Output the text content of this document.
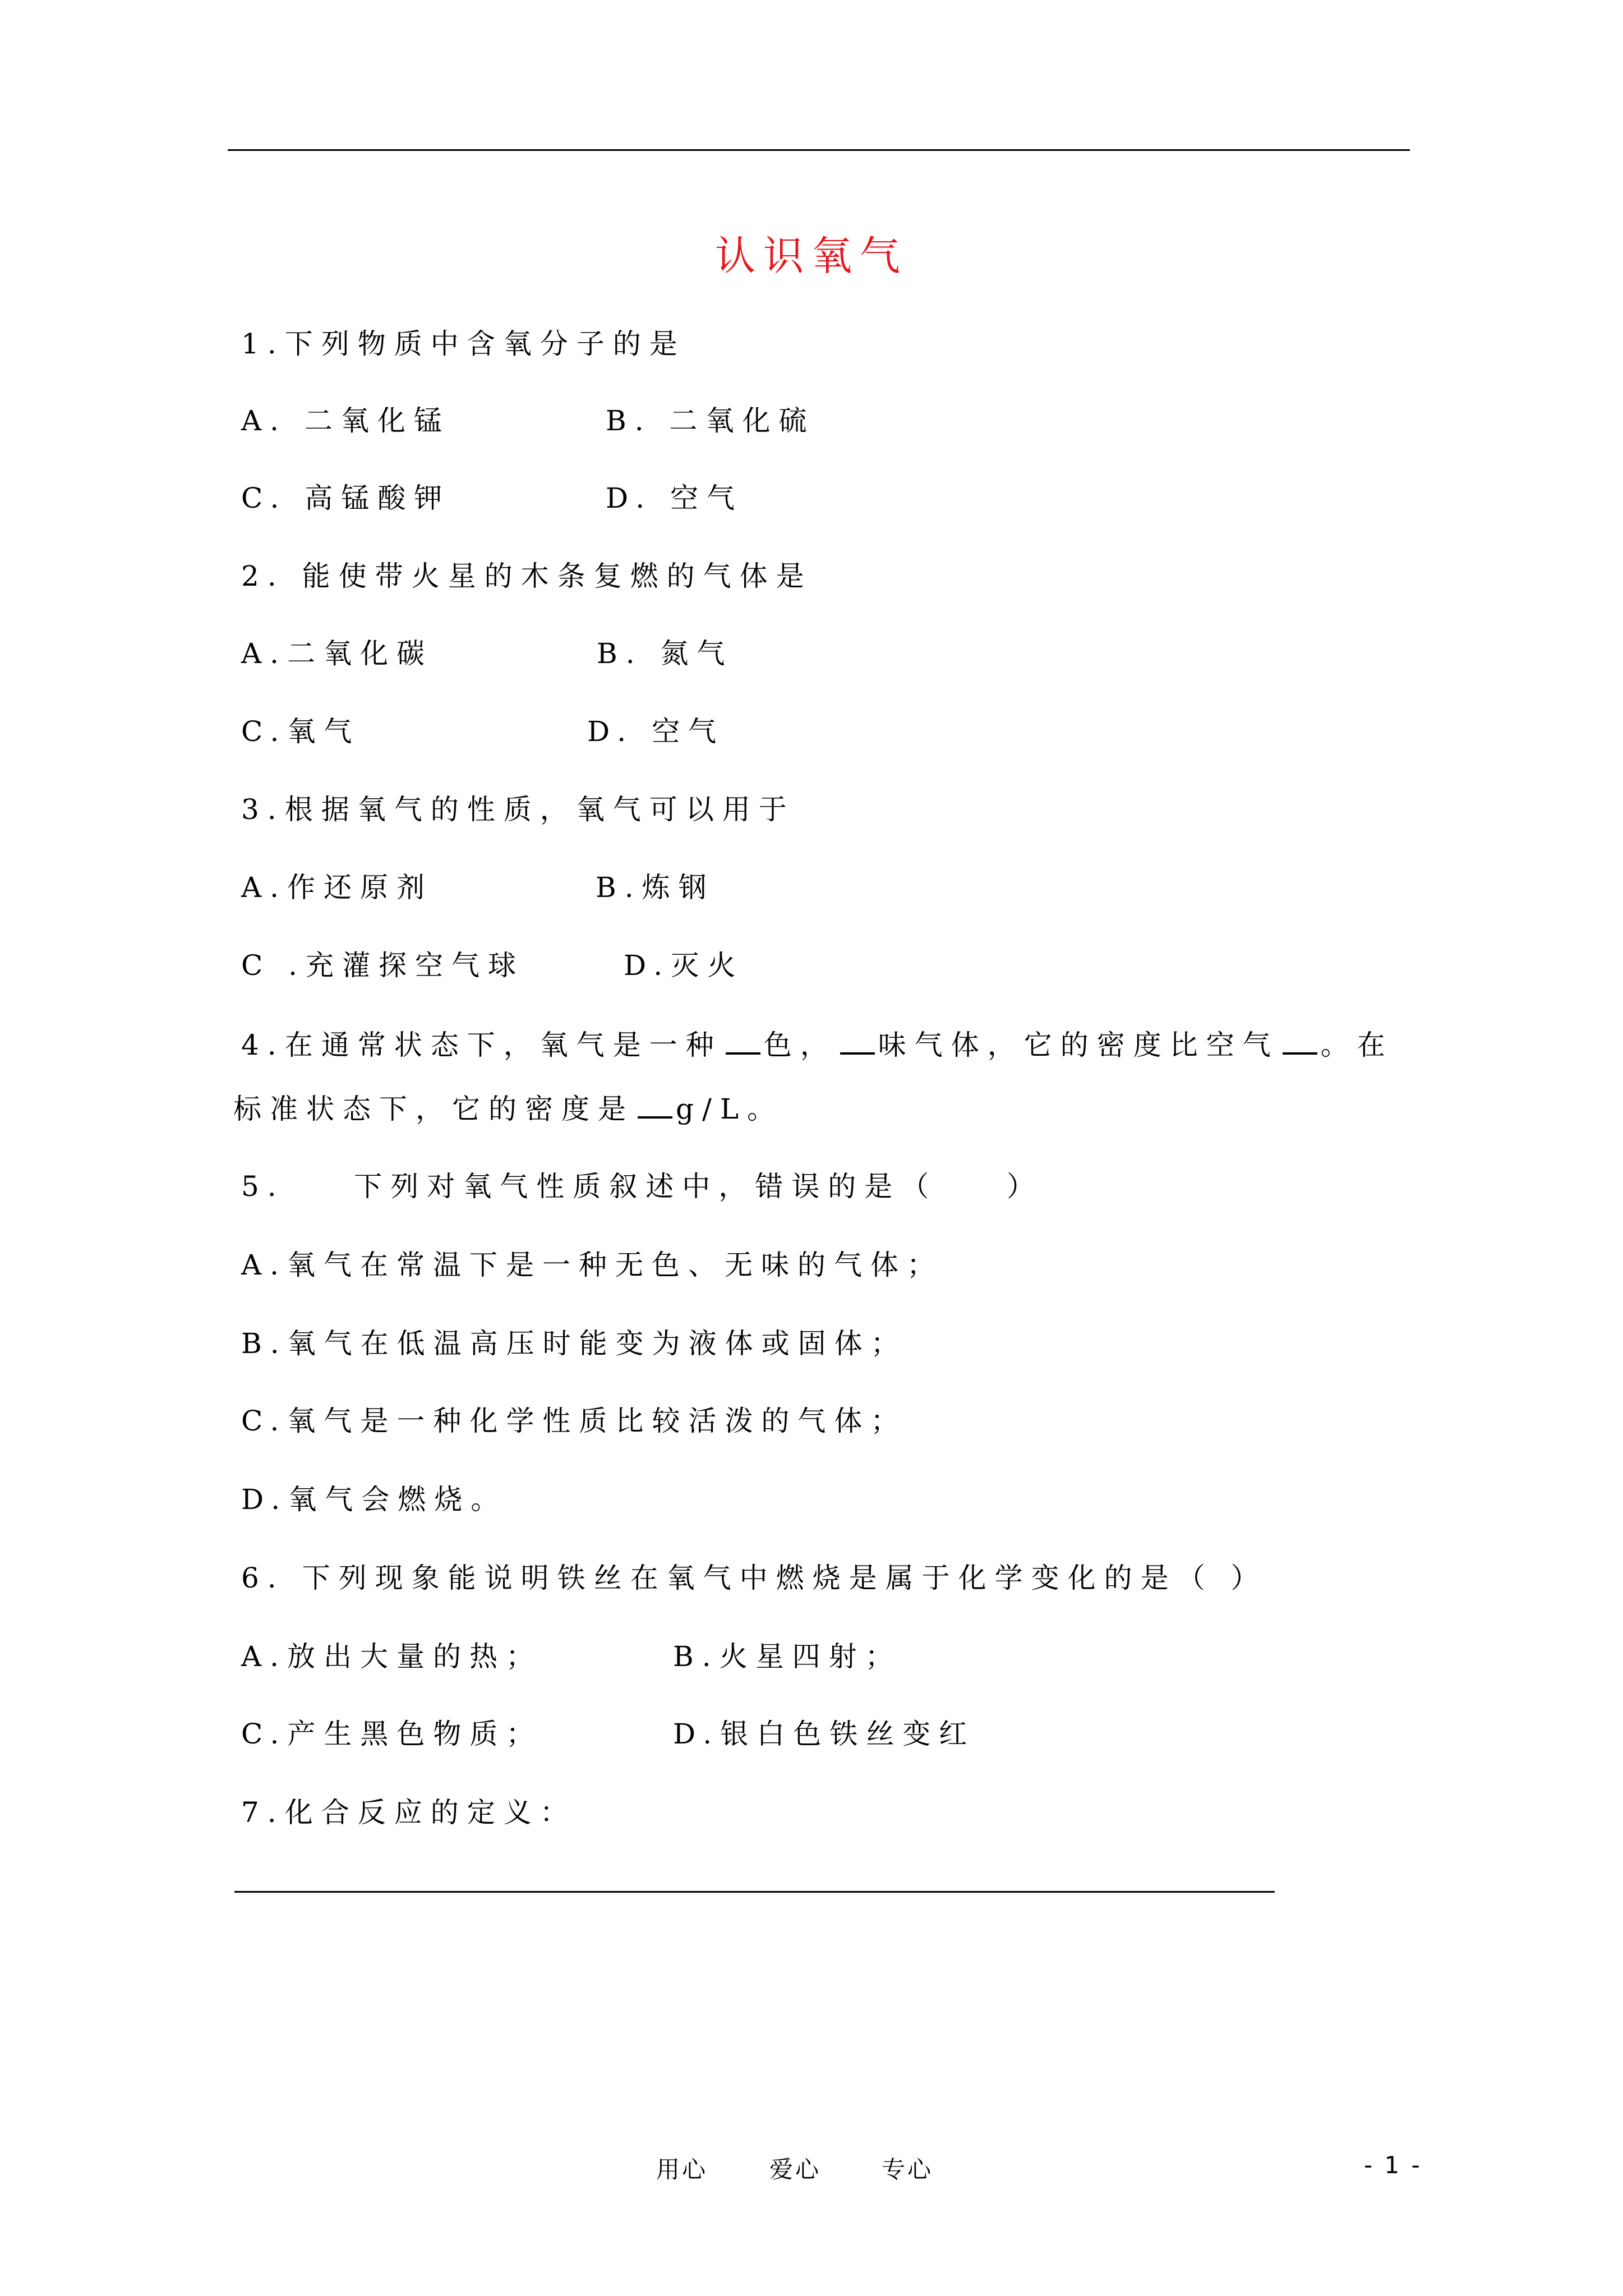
认识氧气
1.下列物质中含氧分子的是
A. 二氧化锰	B. 二氧化硫
C. 高锰酸钾	D. 空气
2. 能使带火星的木条复燃的气体是
A.二氧化碳	B. 氮气
C.氧气	D. 空气
3.根据氧气的性质，氧气可以用于
A.作还原剂	B.炼钢
C .充灌探空气球	D.灭火
4.在通常状态下，氧气是一种 色， 味气体，它的密度比空气 。在
标准状态下，它的密度是 g/L。
5.    下列对氧气性质叙述中，错误的是（    ）
A.氧气在常温下是一种无色、无味的气体；
B.氧气在低温高压时能变为液体或固体；
C.氧气是一种化学性质比较活泼的气体；
D.氧气会燃烧。
6. 下列现象能说明铁丝在氧气中燃烧是属于化学变化的是（ ）
A.放出大量的热；	B.火星四射；
C.产生黑色物质；	D.银白色铁丝变红
7.化合反应的定义：
用心	爱心	专心	- 1 -
